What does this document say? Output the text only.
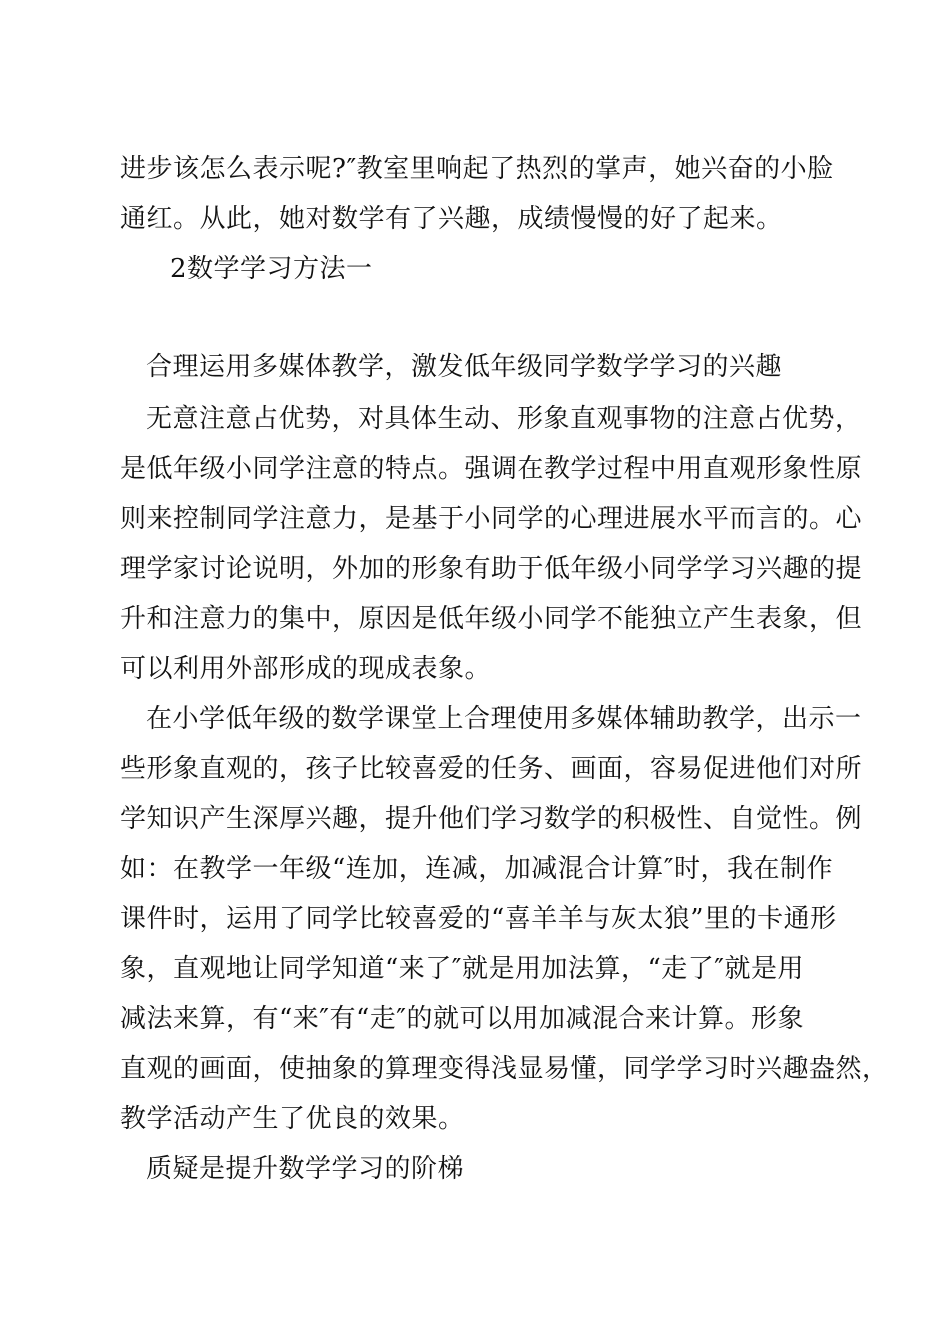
进步该怎么表示呢?″教室里响起了热烈的掌声，她兴奋的小脸
通红。从此，她对数学有了兴趣，成绩慢慢的好了起来。
2数学学习方法一
合理运用多媒体教学，激发低年级同学数学学习的兴趣
无意注意占优势，对具体生动、形象直观事物的注意占优势，
是低年级小同学注意的特点。强调在教学过程中用直观形象性原
则来控制同学注意力，是基于小同学的心理进展水平而言的。心
理学家讨论说明，外加的形象有助于低年级小同学学习兴趣的提
升和注意力的集中，原因是低年级小同学不能独立产生表象，但
可以利用外部形成的现成表象。
在小学低年级的数学课堂上合理使用多媒体辅助教学，出示一
些形象直观的，孩子比较喜爱的任务、画面，容易促进他们对所
学知识产生深厚兴趣，提升他们学习数学的积极性、自觉性。例
如：在教学一年级“连加，连减，加减混合计算″时，我在制作
课件时，运用了同学比较喜爱的“喜羊羊与灰太狼”里的卡通形
象，直观地让同学知道“来了″就是用加法算，“走了″就是用
减法来算，有“来″有“走″的就可以用加减混合来计算。形象
直观的画面，使抽象的算理变得浅显易懂，同学学习时兴趣盎然，
教学活动产生了优良的效果。
质疑是提升数学学习的阶梯
